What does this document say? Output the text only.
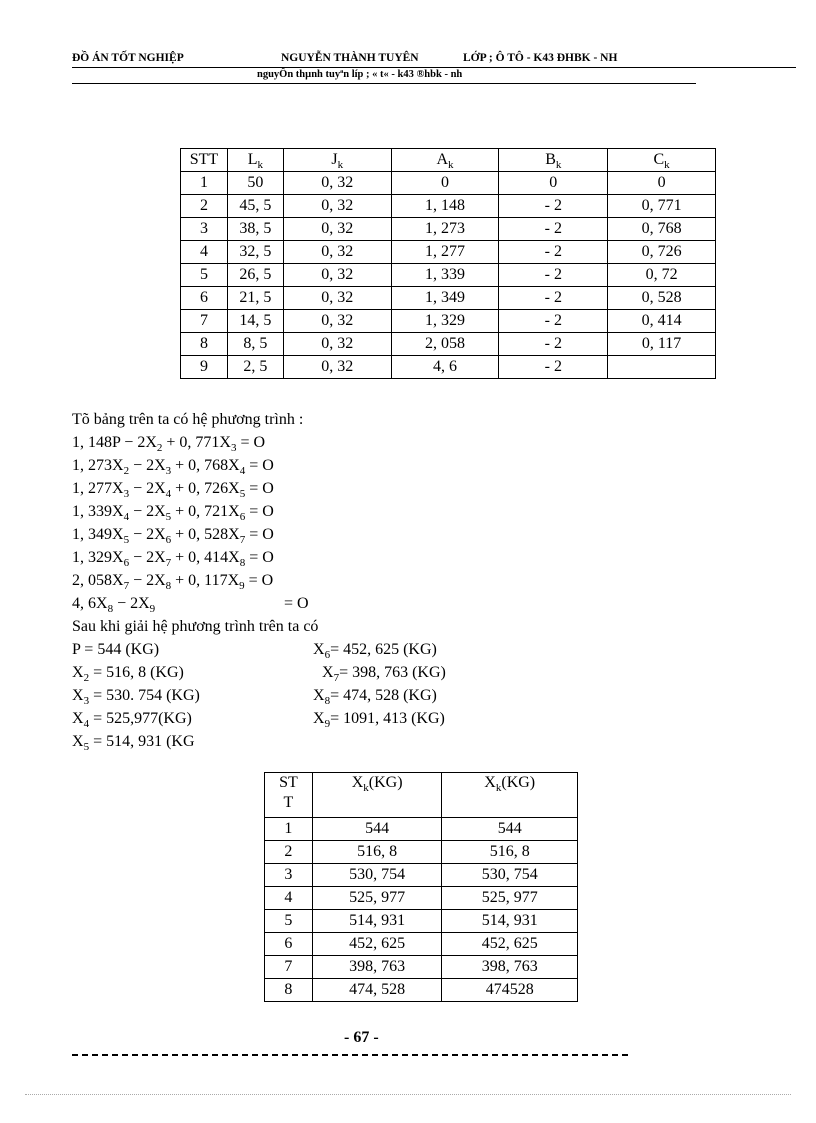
ĐỒ ÁN TỐT NGHIỆP	NGUYỄN THÀNH TUYÊN	LỚP ; Ô TÔ - K43 ĐHBK - NH
nguyÔn thµnh tuyªn líp ; « t« - k43 ®hbk - nh
STT	$L_k$	$J_k$	$A_k$	$B_k$	$C_k$
1	50	0, 32	0	0	0
2	45, 5	0, 32	1, 148	- 2	0, 771
3	38, 5	0, 32	1, 273	- 2	0, 768
4	32, 5	0, 32	1, 277	- 2	0, 726
5	26, 5	0, 32	1, 339	- 2	0, 72
6	21, 5	0, 32	1, 349	- 2	0, 528
7	14, 5	0, 32	1, 329	- 2	0, 414
8	8, 5	0, 32	2, 058	- 2	0, 117
9	2, 5	0, 32	4, 6	- 2	
Tõ bảng trên ta có hệ phương trình :
1, $148P - 2X_2 + 0$, $771X_3 = O$
1, $273X_2 - 2X_3 + 0$, $768X_4 = O$
1, $277X_3 - 2X_4 + 0$, $726X_5 = O$
1, $339X_4 - 2X_5 + 0$, $721X_6 = O$
1, $349X_5 - 2X_6 + 0$, $528X_7 = O$
1, $329X_6 - 2X_7 + 0$, $414X_8 = O$
2, $058X_7 - 2X_8 + 0$, $117X_9 = O$
4, $6X_8 - 2X_9$	= O
Sau khi giải hệ phương trình trên ta có
P = 544 (KG)
$X_2 = 516$, 8 (KG)
$X_3 = 530$. 754 (KG)
$X_4 = 525,977(KG)$
$X_5 = 514$, 931 (KG
$X_6= 452$, 625 (KG)
$X_7= 398$, 763 (KG)
$X_8= 474$, 528 (KG)
$X_9= 1091$, 413 (KG)
ST
T	$X_k(KG)$	$X_k(KG)$
1	544	544
2	516, 8	516, 8
3	530, 754	530, 754
4	525, 977	525, 977
5	514, 931	514, 931
6	452, 625	452, 625
7	398, 763	398, 763
8	474, 528	474528
- 67 -
